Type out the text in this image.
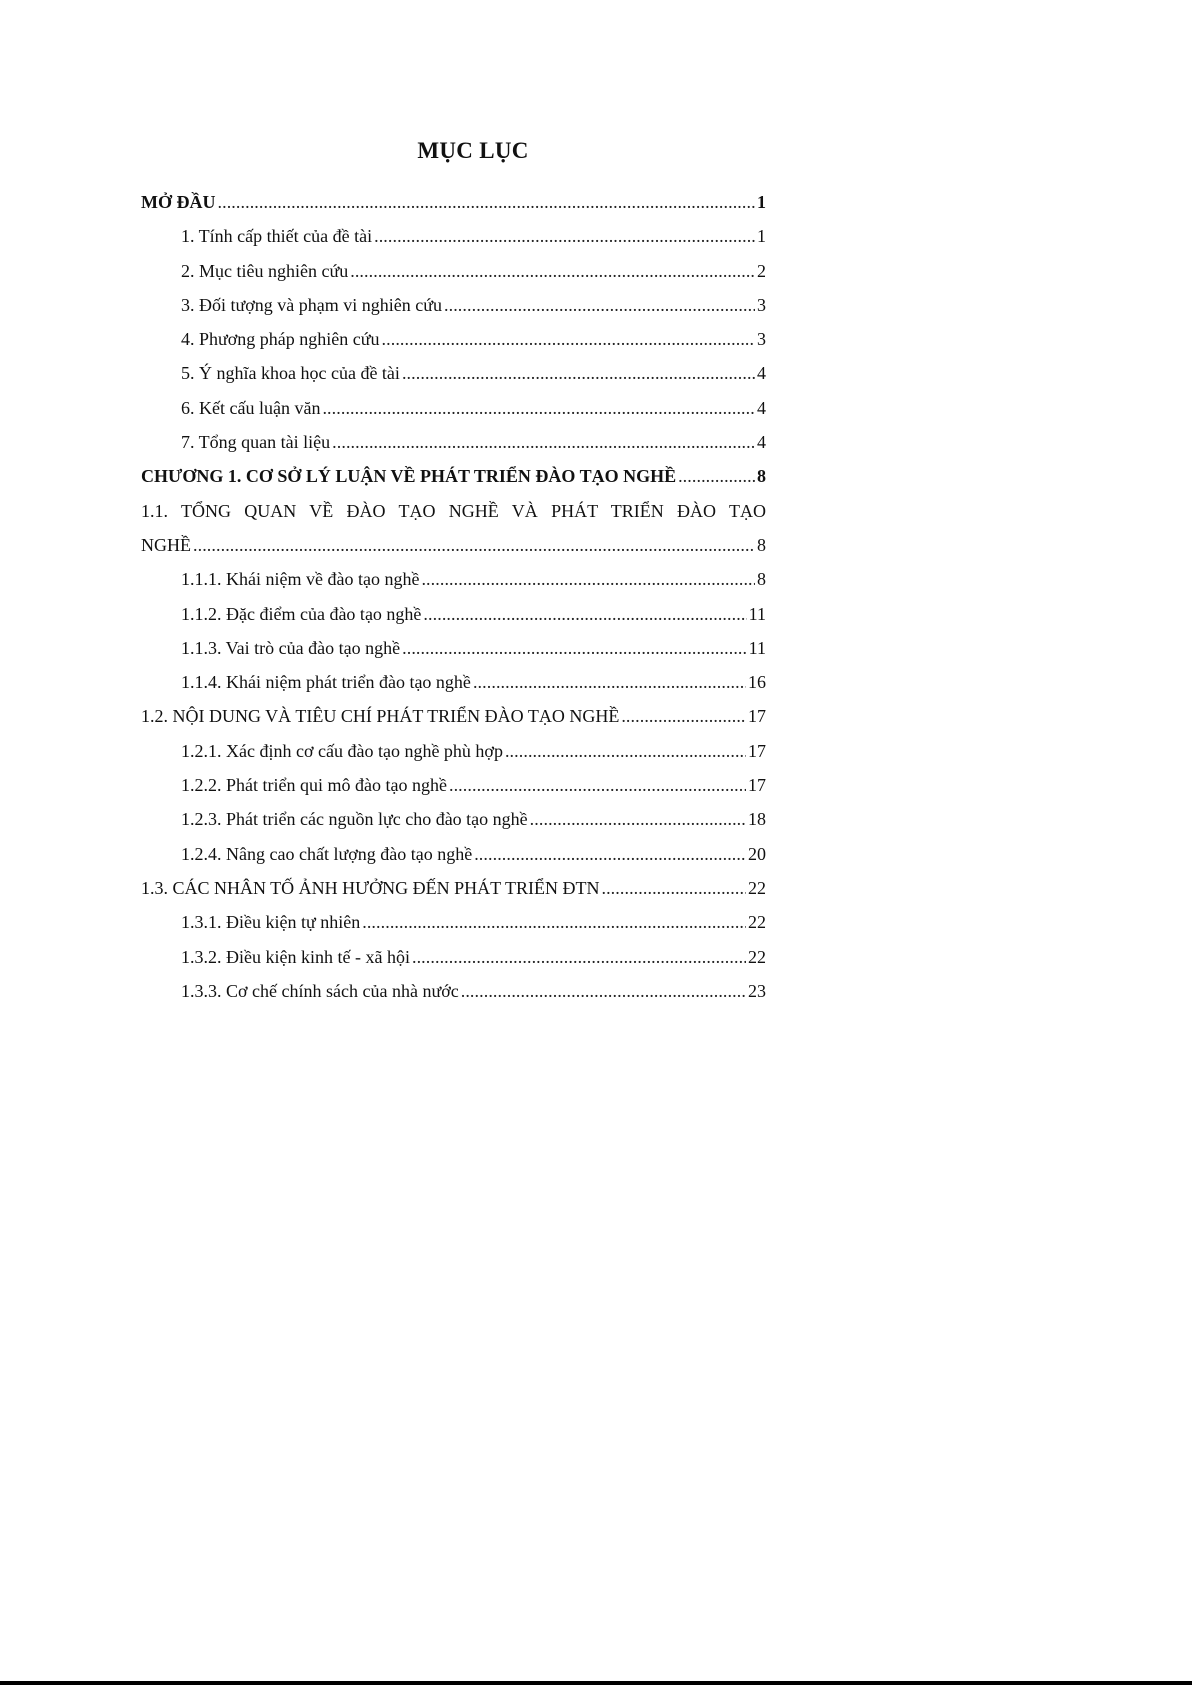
MỤC LỤC
MỞ ĐẦU . . .	1
1. Tính cấp thiết của đề tài . . .	1
2. Mục tiêu nghiên cứu . . .	2
3. Đối tượng và phạm vi nghiên cứu . . .	3
4. Phương pháp nghiên cứu . . .	3
5. Ý nghĩa khoa học của đề tài . . .	4
6. Kết cấu luận văn . . .	4
7. Tổng quan tài liệu . . .	4
CHƯƠNG 1. CƠ SỞ LÝ LUẬN VỀ PHÁT TRIỂN ĐÀO TẠO NGHỀ . . .	8
1.1. TỔNG QUAN VỀ ĐÀO TẠO NGHỀ VÀ PHÁT TRIỂN ĐÀO TẠO
NGHỀ . . .	8
1.1.1. Khái niệm về đào tạo nghề . . .	8
1.1.2. Đặc điểm của đào tạo nghề . . .	11
1.1.3. Vai trò của đào tạo nghề . . .	11
1.1.4. Khái niệm phát triển đào tạo nghề . . .	16
1.2. NỘI DUNG VÀ TIÊU CHÍ PHÁT TRIỂN ĐÀO TẠO NGHỀ . . .	17
1.2.1. Xác định cơ cấu đào tạo nghề phù hợp . . .	17
1.2.2. Phát triển qui mô đào tạo nghề . . .	17
1.2.3. Phát triển các nguồn lực cho đào tạo nghề . . .	18
1.2.4. Nâng cao chất lượng đào tạo nghề . . .	20
1.3. CÁC NHÂN TỐ ẢNH HƯỞNG ĐẾN PHÁT TRIỂN ĐTN . . .	22
1.3.1. Điều kiện tự nhiên . . .	22
1.3.2. Điều kiện kinh tế - xã hội . . .	22
1.3.3. Cơ chế chính sách của nhà nước . . .	23
